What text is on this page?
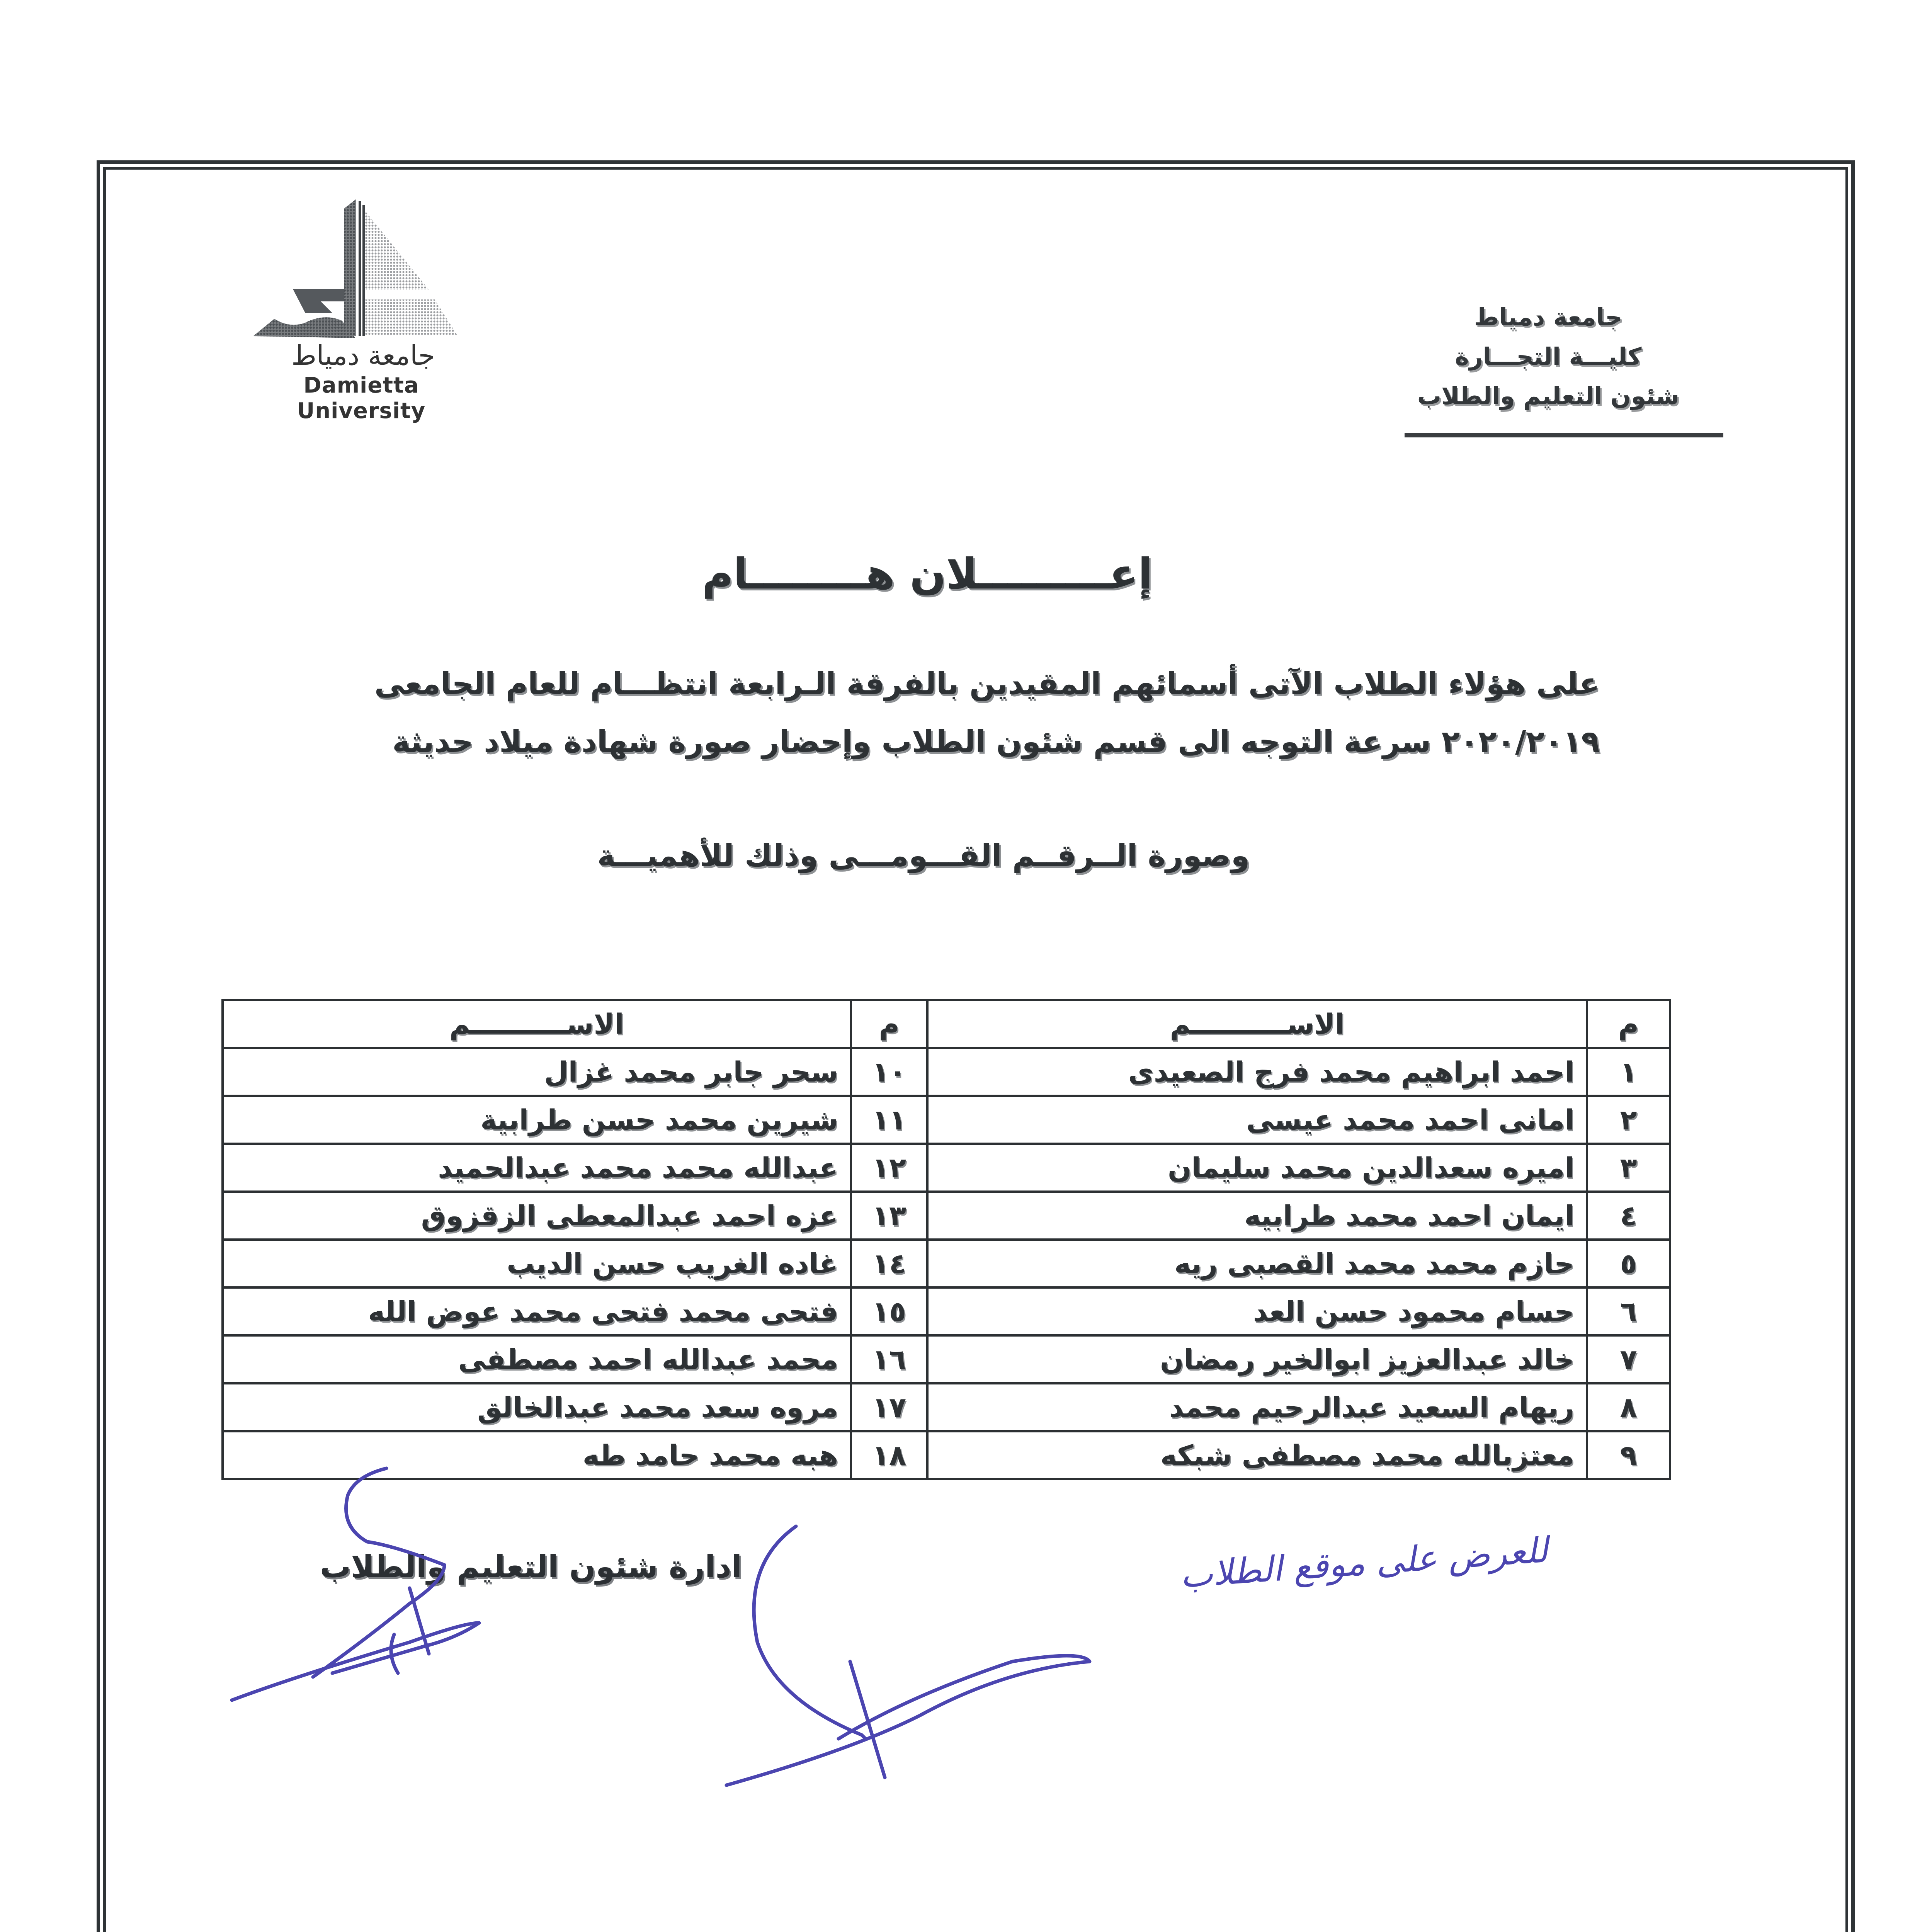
جامعة دمياط
Damietta University
جامعة دمياط
كليـــة التجـــارة
شئون التعليم والطلاب
إعـــــــــلان هــــــــام
على هؤلاء الطلاب الآتى أسمائهم المقيدين بالفرقة الـرابعة انتظـــام للعام الجامعى
٢٠٢٠/٢٠١٩ سرعة التوجه الى قسم شئون الطلاب وإحضار صورة شهادة ميلاد حديثة
وصورة الــرقــم القـــومـــى وذلك للأهميـــة
م	الاســــــــــم	م	الاســــــــــم
١	احمد ابراهيم محمد فرج الصعيدى	١٠	سحر جابر محمد غزال
٢	امانى احمد محمد عيسى	١١	شيرين محمد حسن طرابية
٣	اميره سعدالدين محمد سليمان	١٢	عبدالله محمد محمد عبدالحميد
٤	ايمان احمد محمد طرابيه	١٣	عزه احمد عبدالمعطى الزقزوق
٥	حازم محمد محمد القصبى ريه	١٤	غاده الغريب حسن الديب
٦	حسام محمود حسن العد	١٥	فتحى محمد فتحى محمد عوض الله
٧	خالد عبدالعزيز ابوالخير رمضان	١٦	محمد عبدالله احمد مصطفى
٨	ريهام السعيد عبدالرحيم محمد	١٧	مروه سعد محمد عبدالخالق
٩	معتزبالله محمد مصطفى شبكه	١٨	هبه محمد حامد طه
ادارة شئون التعليم والطلاب	للعرض على موقع الطلاب
